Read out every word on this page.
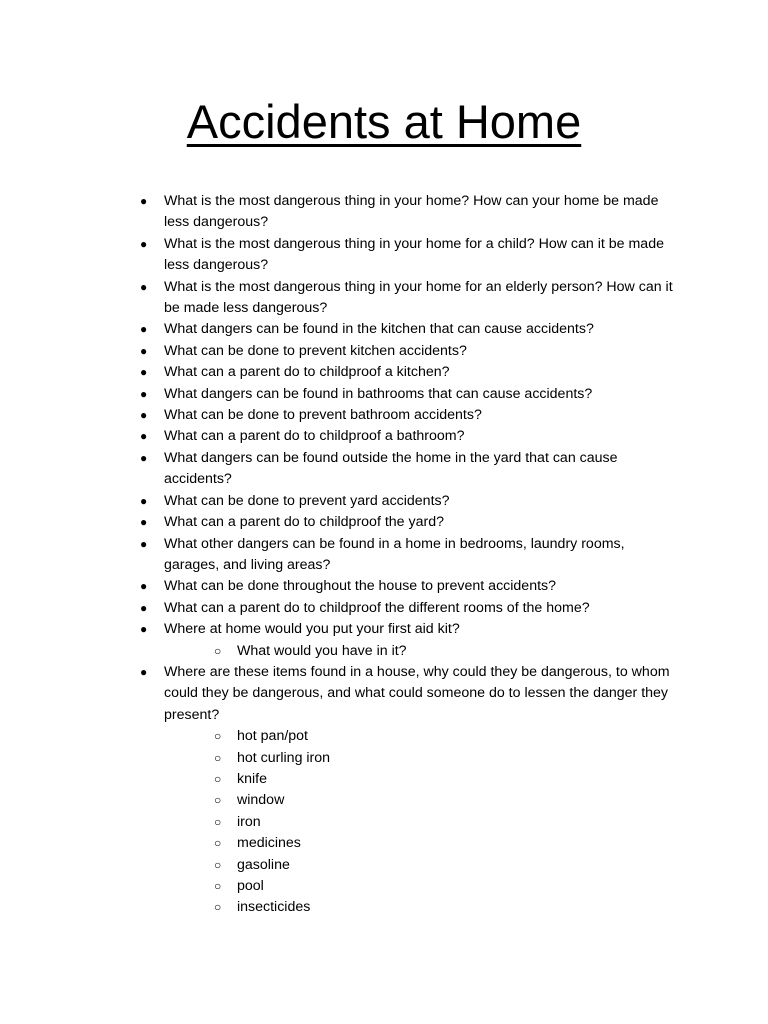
Accidents at Home
● What is the most dangerous thing in your home? How can your home be made less dangerous?
● What is the most dangerous thing in your home for a child? How can it be made less dangerous?
● What is the most dangerous thing in your home for an elderly person? How can it be made less dangerous?
● What dangers can be found in the kitchen that can cause accidents?
● What can be done to prevent kitchen accidents?
● What can a parent do to childproof a kitchen?
● What dangers can be found in bathrooms that can cause accidents?
● What can be done to prevent bathroom accidents?
● What can a parent do to childproof a bathroom?
● What dangers can be found outside the home in the yard that can cause accidents?
● What can be done to prevent yard accidents?
● What can a parent do to childproof the yard?
● What other dangers can be found in a home in bedrooms, laundry rooms, garages, and living areas?
● What can be done throughout the house to prevent accidents?
● What can a parent do to childproof the different rooms of the home?
● Where at home would you put your first aid kit?
○ What would you have in it?
● Where are these items found in a house, why could they be dangerous, to whom could they be dangerous, and what could someone do to lessen the danger they present?
○ hot pan/pot
○ hot curling iron
○ knife
○ window
○ iron
○ medicines
○ gasoline
○ pool
○ insecticides
